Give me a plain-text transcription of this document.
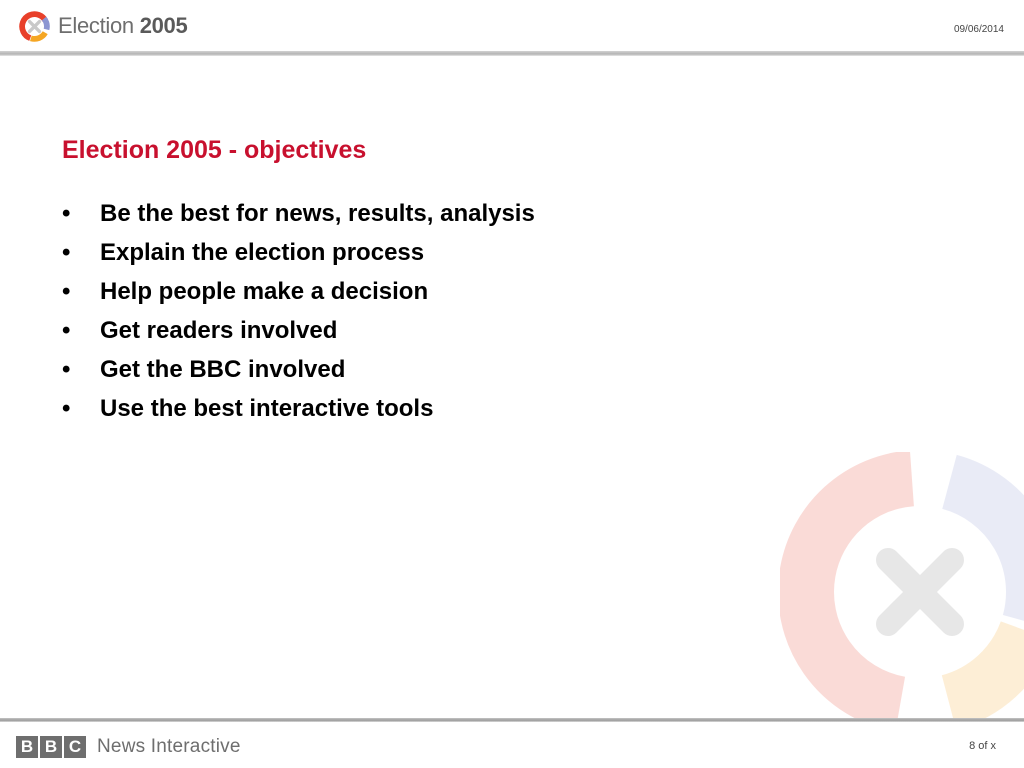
Election 2005	09/06/2014
Election 2005 - objectives
• Be the best for news, results, analysis
• Explain the election process
• Help people make a decision
• Get readers involved
• Get the BBC involved
• Use the best interactive tools
B B C News Interactive	8 of x
